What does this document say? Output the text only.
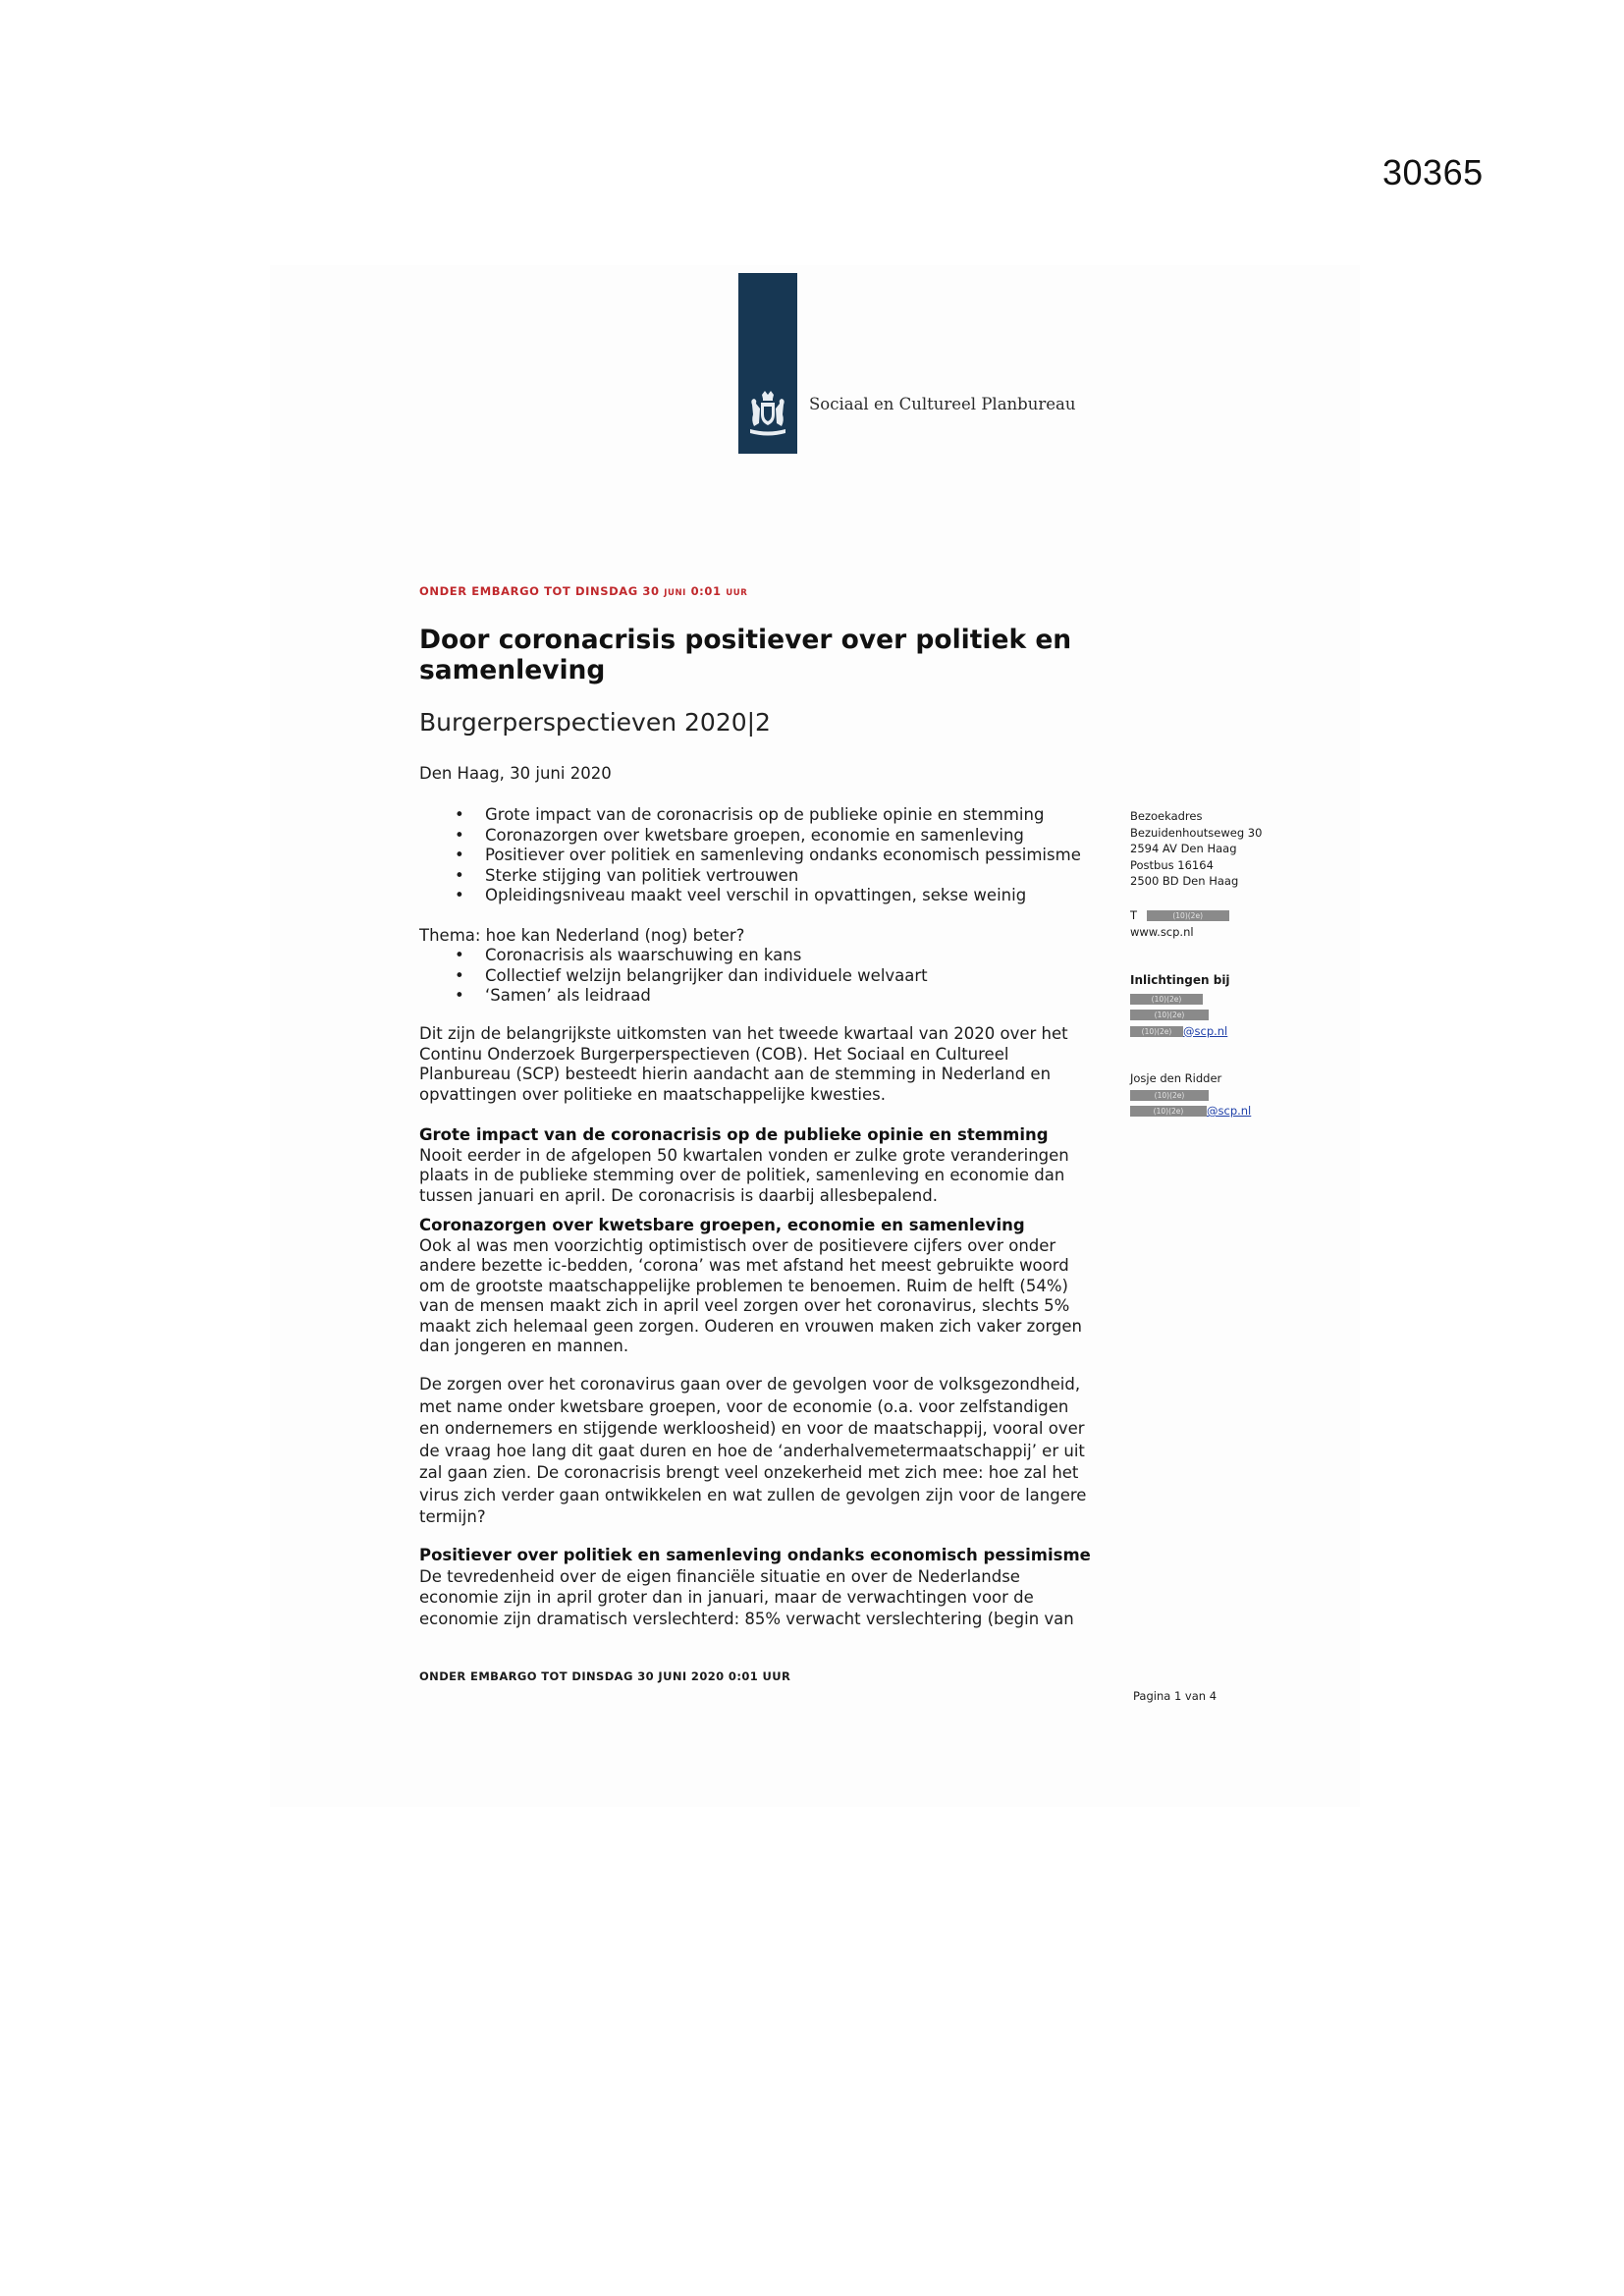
30365
Sociaal en Cultureel Planbureau
ONDER EMBARGO TOT DINSDAG 30 JUNI 0:01 UUR
Door coronacrisis positiever over politiek en samenleving
Burgerperspectieven 2020|2
Den Haag, 30 juni 2020
• Grote impact van de coronacrisis op de publieke opinie en stemming
• Coronazorgen over kwetsbare groepen, economie en samenleving
• Positiever over politiek en samenleving ondanks economisch pessimisme
• Sterke stijging van politiek vertrouwen
• Opleidingsniveau maakt veel verschil in opvattingen, sekse weinig
Thema: hoe kan Nederland (nog) beter?
• Coronacrisis als waarschuwing en kans
• Collectief welzijn belangrijker dan individuele welvaart
• ‘Samen’ als leidraad

Dit zijn de belangrijkste uitkomsten van het tweede kwartaal van 2020 over het

Continu Onderzoek Burgerperspectieven (COB). Het Sociaal en Cultureel

Planbureau (SCP) besteedt hierin aandacht aan de stemming in Nederland en

opvattingen over politieke en maatschappelijke kwesties.

Grote impact van de coronacrisis op de publieke opinie en stemming

Nooit eerder in de afgelopen 50 kwartalen vonden er zulke grote veranderingen

plaats in de publieke stemming over de politiek, samenleving en economie dan

tussen januari en april. De coronacrisis is daarbij allesbepalend.

Coronazorgen over kwetsbare groepen, economie en samenleving

Ook al was men voorzichtig optimistisch over de positievere cijfers over onder

andere bezette ic-bedden, ‘corona’ was met afstand het meest gebruikte woord

om de grootste maatschappelijke problemen te benoemen. Ruim de helft (54%)

van de mensen maakt zich in april veel zorgen over het coronavirus, slechts 5%

maakt zich helemaal geen zorgen. Ouderen en vrouwen maken zich vaker zorgen

dan jongeren en mannen.

De zorgen over het coronavirus gaan over de gevolgen voor de volksgezondheid,

met name onder kwetsbare groepen, voor de economie (o.a. voor zelfstandigen

en ondernemers en stijgende werkloosheid) en voor de maatschappij, vooral over

de vraag hoe lang dit gaat duren en hoe de ‘anderhalvemetermaatschappij’ er uit

zal gaan zien. De coronacrisis brengt veel onzekerheid met zich mee: hoe zal het

virus zich verder gaan ontwikkelen en wat zullen de gevolgen zijn voor de langere

termijn?

Positiever over politiek en samenleving ondanks economisch pessimisme

De tevredenheid over de eigen financiële situatie en over de Nederlandse

economie zijn in april groter dan in januari, maar de verwachtingen voor de

economie zijn dramatisch verslechterd: 85% verwacht verslechtering (begin van

ONDER EMBARGO TOT DINSDAG 30 JUNI 2020 0:01 UUR
Pagina 1 van 4
Bezoekadres
Bezuidenhoutseweg 30
2594 AV Den Haag
Postbus 16164
2500 BD Den Haag
T	(10)(2e)
www.scp.nl
Inlichtingen bij
(10)(2e)
(10)(2e)
(10)(2e) @scp.nl
Josje den Ridder
(10)(2e)
(10)(2e) @scp.nl
